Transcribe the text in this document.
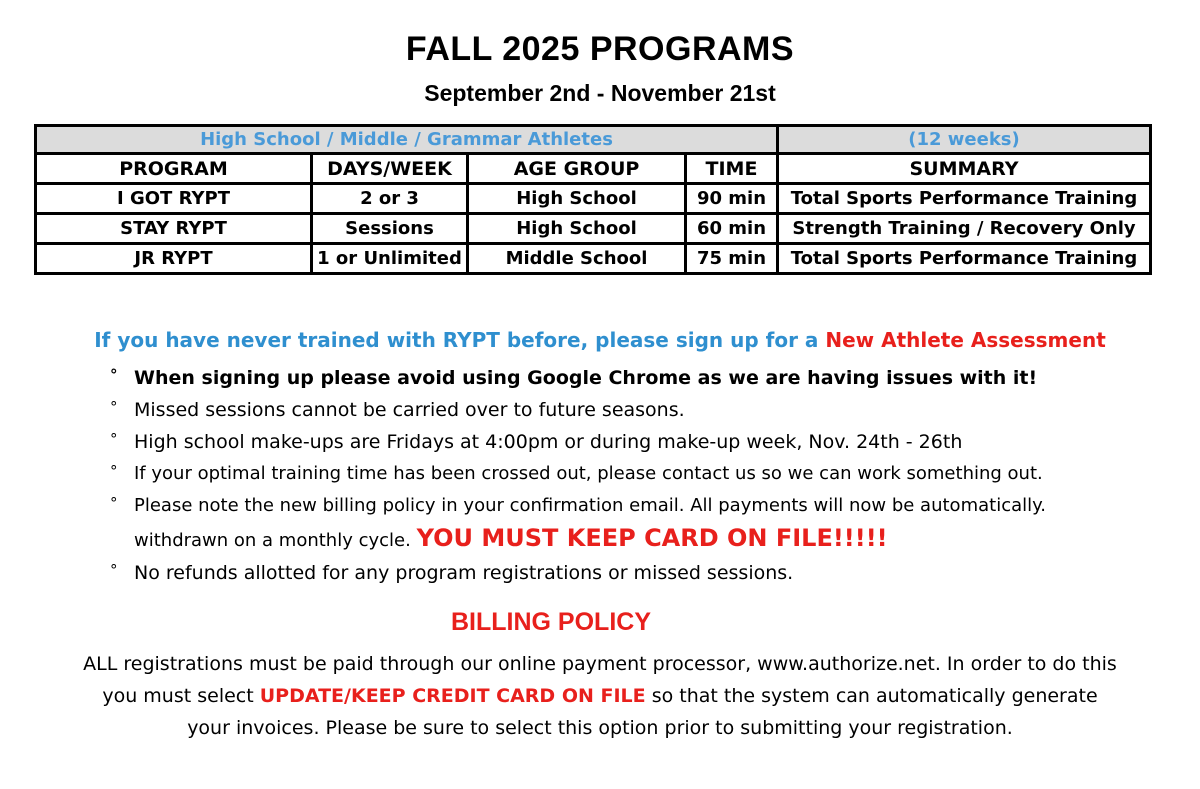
FALL 2025 PROGRAMS
September 2nd - November 21st
High School / Middle / Grammar Athletes				(12 weeks)
PROGRAM	DAYS/WEEK	AGE GROUP	TIME	SUMMARY
I GOT RYPT	2 or 3	High School	90 min	Total Sports Performance Training
STAY RYPT	Sessions	High School	60 min	Strength Training / Recovery Only
JR RYPT	1 or Unlimited	Middle School	75 min	Total Sports Performance Training
If you have never trained with RYPT before, please sign up for a New Athlete Assessment
° When signing up please avoid using Google Chrome as we are having issues with it!
° Missed sessions cannot be carried over to future seasons.
° High school make-ups are Fridays at 4:00pm or during make-up week, Nov. 24th - 26th
° If your optimal training time has been crossed out, please contact us so we can work something out.
° Please note the new billing policy in your confirmation email. All payments will now be automatically.
withdrawn on a monthly cycle. YOU MUST KEEP CARD ON FILE!!!!!
° No refunds allotted for any program registrations or missed sessions.
BILLING POLICY
ALL registrations must be paid through our online payment processor, www.authorize.net. In order to do this
you must select UPDATE/KEEP CREDIT CARD ON FILE so that the system can automatically generate
your invoices. Please be sure to select this option prior to submitting your registration.
